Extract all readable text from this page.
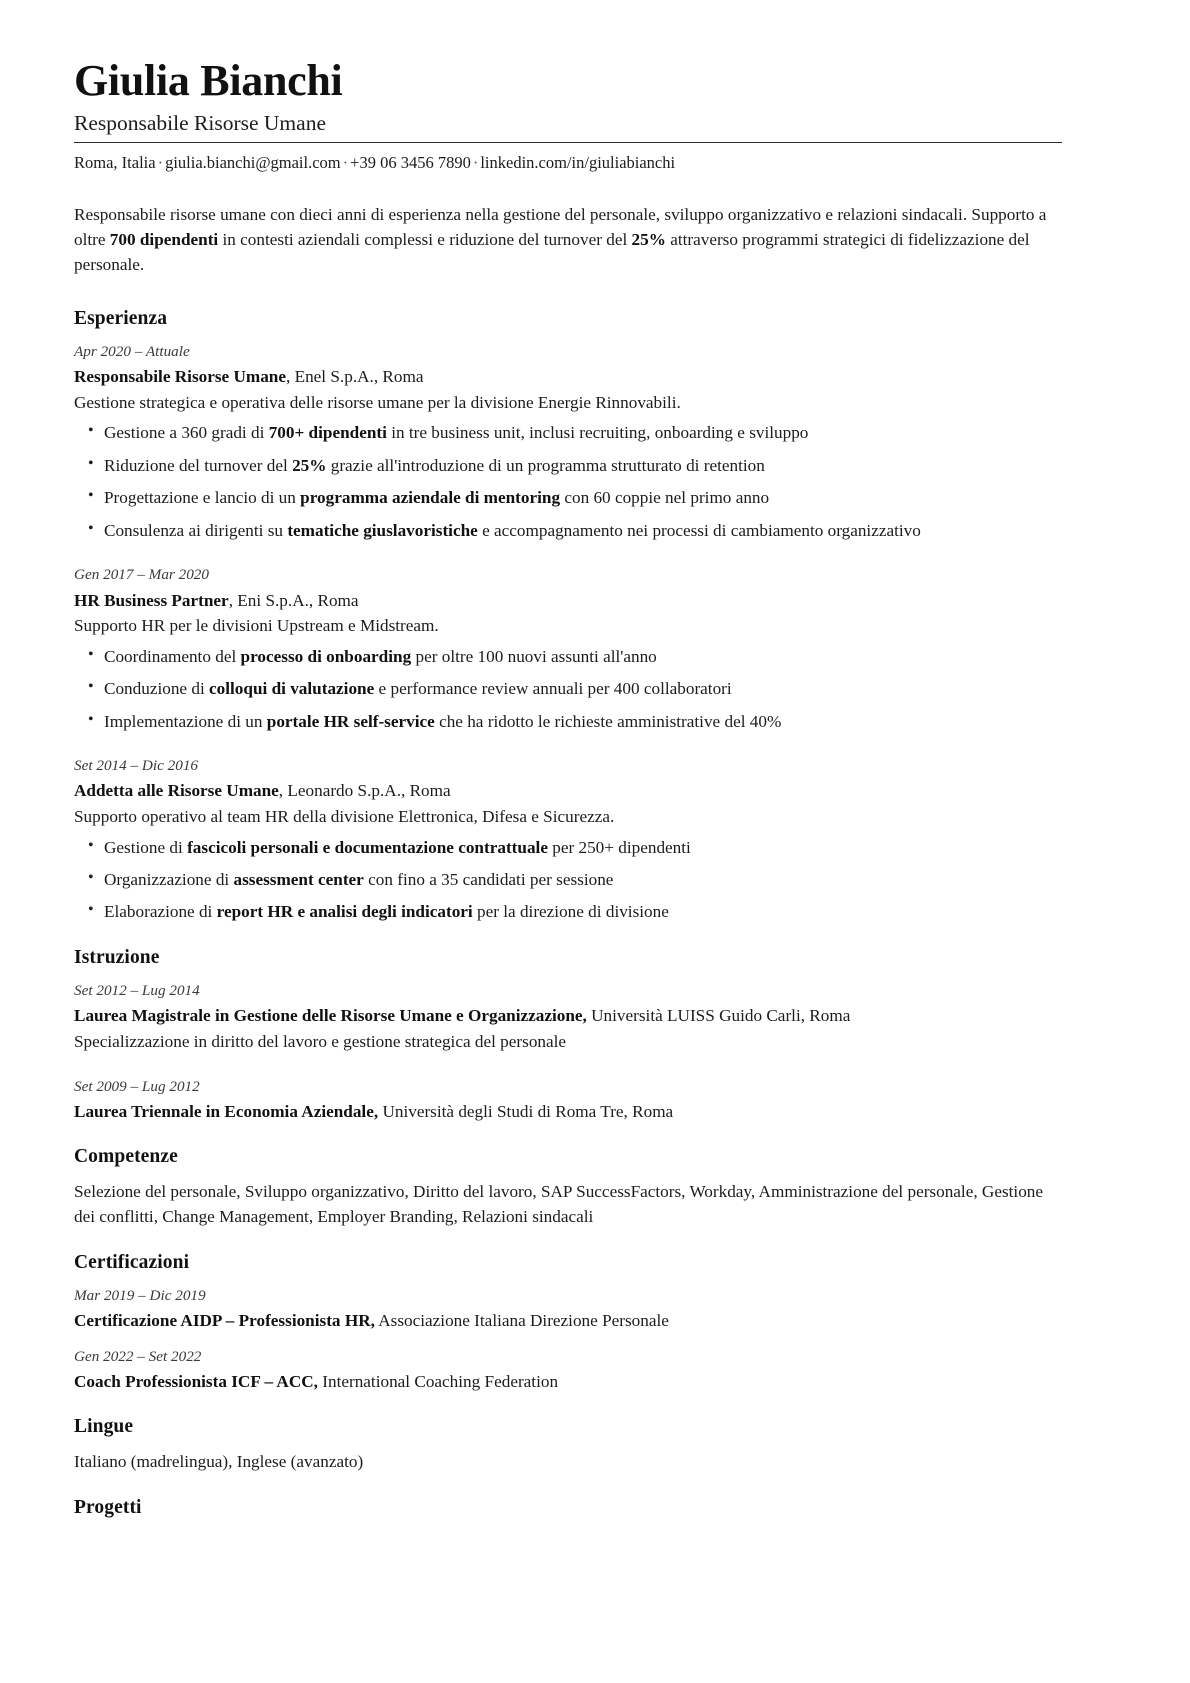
Giulia Bianchi
Responsabile Risorse Umane
Roma, Italia · giulia.bianchi@gmail.com · +39 06 3456 7890 · linkedin.com/in/giuliabianchi

Responsabile risorse umane con dieci anni di esperienza nella gestione del personale, sviluppo organizzativo e relazioni sindacali. Supporto a oltre 700 dipendenti in contesti aziendali complessi e riduzione del turnover del 25% attraverso programmi strategici di fidelizzazione del personale.

Esperienza
Apr 2020 – Attuale
Responsabile Risorse Umane, Enel S.p.A., Roma
Gestione strategica e operativa delle risorse umane per la divisione Energie Rinnovabili.
• Gestione a 360 gradi di 700+ dipendenti in tre business unit, inclusi recruiting, onboarding e sviluppo
• Riduzione del turnover del 25% grazie all'introduzione di un programma strutturato di retention
• Progettazione e lancio di un programma aziendale di mentoring con 60 coppie nel primo anno
• Consulenza ai dirigenti su tematiche giuslavoristiche e accompagnamento nei processi di cambiamento organizzativo
Gen 2017 – Mar 2020
HR Business Partner, Eni S.p.A., Roma
Supporto HR per le divisioni Upstream e Midstream.
• Coordinamento del processo di onboarding per oltre 100 nuovi assunti all'anno
• Conduzione di colloqui di valutazione e performance review annuali per 400 collaboratori
• Implementazione di un portale HR self-service che ha ridotto le richieste amministrative del 40%
Set 2014 – Dic 2016
Addetta alle Risorse Umane, Leonardo S.p.A., Roma
Supporto operativo al team HR della divisione Elettronica, Difesa e Sicurezza.
• Gestione di fascicoli personali e documentazione contrattuale per 250+ dipendenti
• Organizzazione di assessment center con fino a 35 candidati per sessione
• Elaborazione di report HR e analisi degli indicatori per la direzione di divisione
Istruzione
Set 2012 – Lug 2014
Laurea Magistrale in Gestione delle Risorse Umane e Organizzazione, Università LUISS Guido Carli, Roma
Specializzazione in diritto del lavoro e gestione strategica del personale
Set 2009 – Lug 2012
Laurea Triennale in Economia Aziendale, Università degli Studi di Roma Tre, Roma
Competenze

Selezione del personale, Sviluppo organizzativo, Diritto del lavoro, SAP SuccessFactors, Workday, Amministrazione del personale, Gestione dei conflitti, Change Management, Employer Branding, Relazioni sindacali

Certificazioni
Mar 2019 – Dic 2019
Certificazione AIDP – Professionista HR, Associazione Italiana Direzione Personale
Gen 2022 – Set 2022
Coach Professionista ICF – ACC, International Coaching Federation
Lingue

Italiano (madrelingua), Inglese (avanzato)

Progetti
